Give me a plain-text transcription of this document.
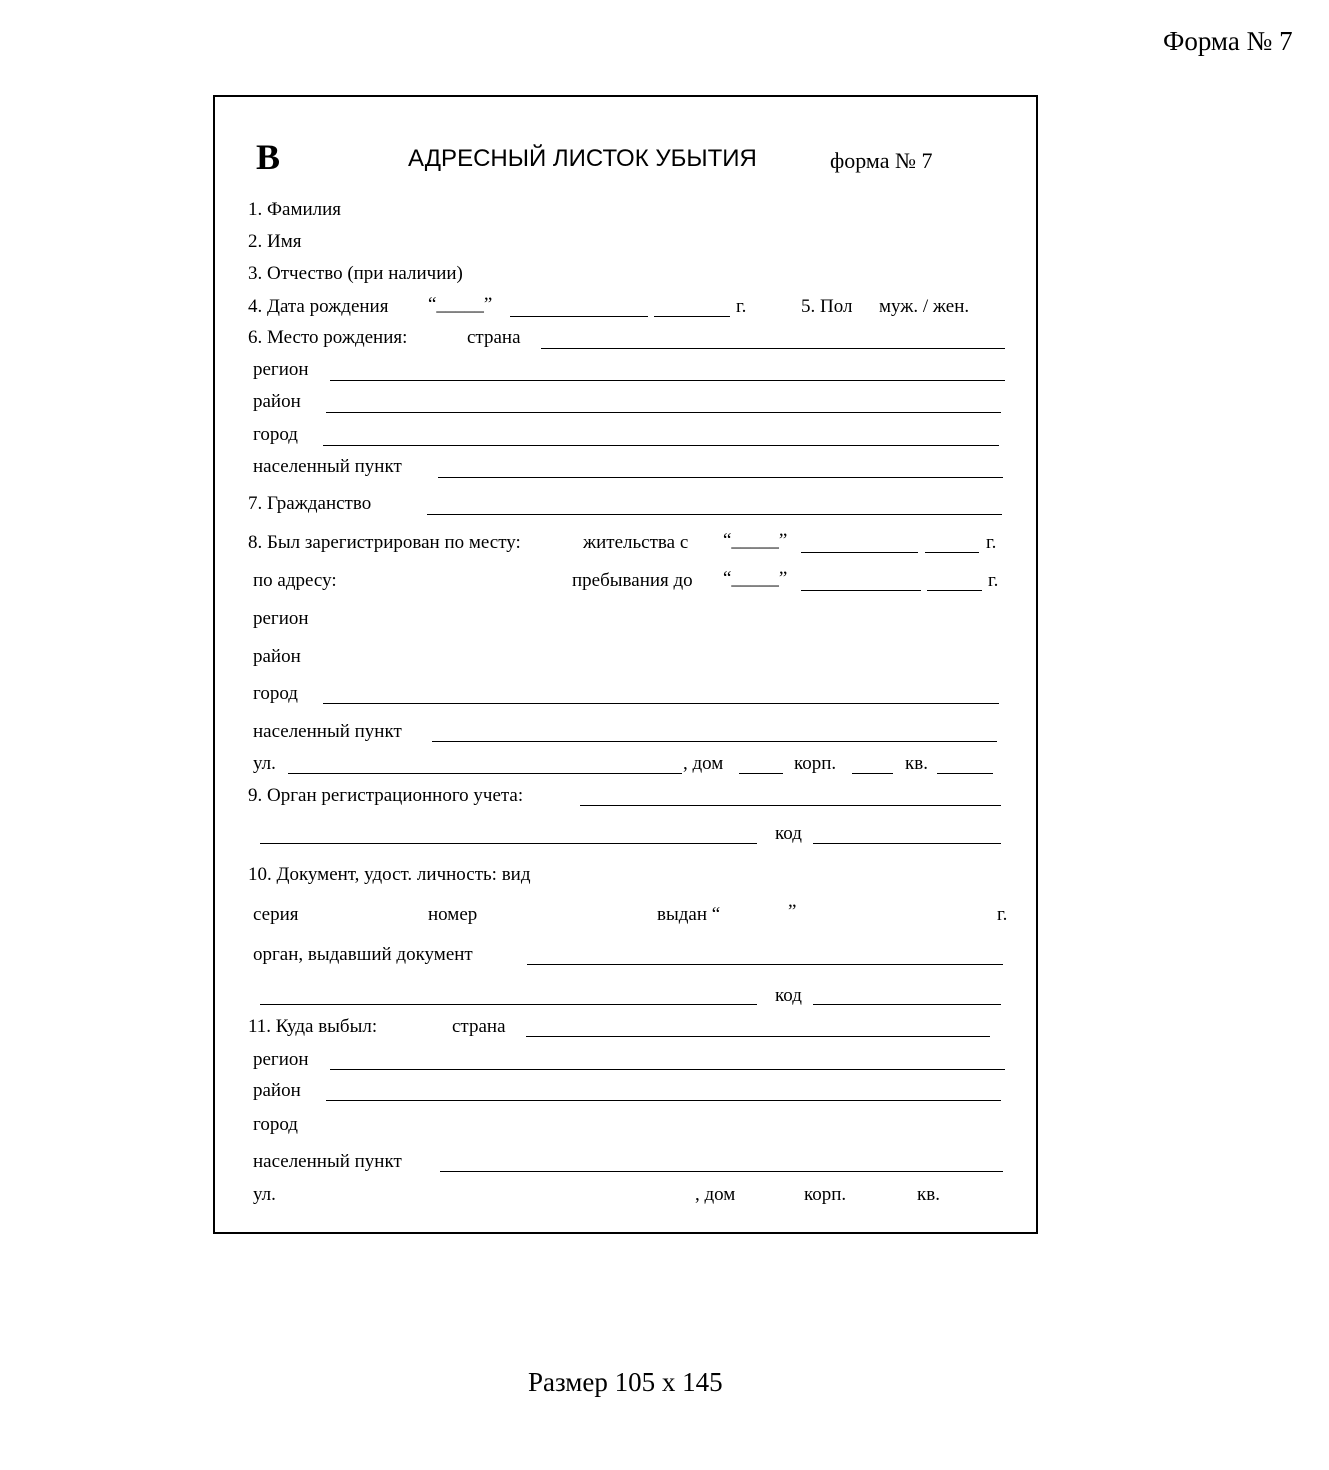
Форма № 7
В	АДРЕСНЫЙ ЛИСТОК УБЫТИЯ	форма № 7
1. Фамилия
2. Имя
3. Отчество (при наличии)
4. Дата рождения “_____”	г.	5. Пол муж. / жен.
6. Место рождения:	страна
регион
район
город
населенный пункт
7. Гражданство
8. Был зарегистрирован по месту:	жительства с “_____”	г.
по адресу:	пребывания до “_____”	г.
регион
район
город
населенный пункт
ул.	, дом	корп.	кв.
9. Орган регистрационного учета:
код
10. Документ, удост. личность: вид
серия	номер	выдан “	”	г.
орган, выдавший документ
код
11. Куда выбыл:	страна
регион
район
город
населенный пункт
ул.	, дом	корп.	кв.
Размер 105 х 145
